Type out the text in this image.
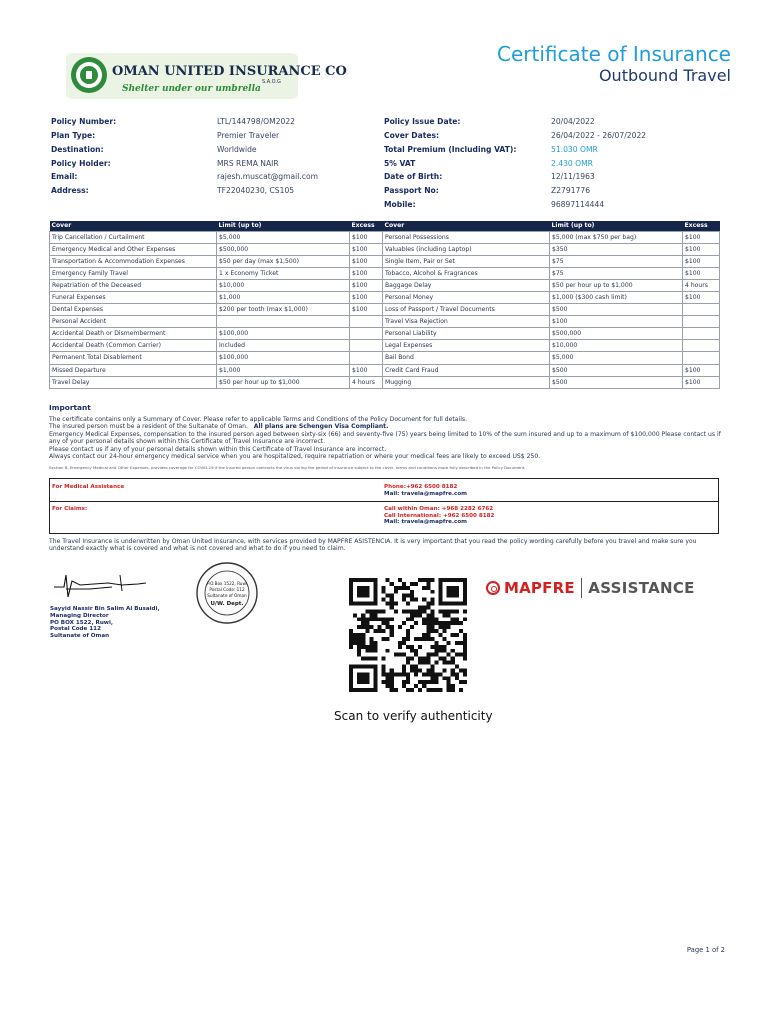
OMAN UNITED INSURANCE CO
S.A.O.G
Shelter under our umbrella
Certificate of Insurance
Outbound Travel
Policy Number:	LTL/144798/OM2022
Plan Type:	Premier Traveler
Destination:	Worldwide
Policy Holder:	MRS REMA NAIR
Email:	rajesh.muscat@gmail.com
Address:	TF22040230, CS105
Policy Issue Date:	20/04/2022
Cover Dates:	26/04/2022 - 26/07/2022
Total Premium (Including VAT):	51.030 OMR
5% VAT	2.430 OMR
Date of Birth:	12/11/1963
Passport No:	Z2791776
Mobile:	96897114444
Cover	Limit (up to)	Excess	Cover	Limit (up to)	Excess
Trip Cancellation / Curtailment	$5,000	$100	Personal Possessions	$5,000 (max $750 per bag)	$100
Emergency Medical and Other Expenses	$500,000	$100	Valuables (including Laptop)	$350	$100
Transportation & Accommodation Expenses	$50 per day (max $1,500)	$100	Single Item, Pair or Set	$75	$100
Emergency Family Travel	1 x Economy Ticket	$100	Tobacco, Alcohol & Fragrances	$75	$100
Repatriation of the Deceased	$10,000	$100	Baggage Delay	$50 per hour up to $1,000	4 hours
Funeral Expenses	$1,000	$100	Personal Money	$1,000 ($300 cash limit)	$100
Dental Expenses	$200 per tooth (max $1,000)	$100	Loss of Passport / Travel Documents	$500	
Personal Accident			Travel Visa Rejection	$100	
Accidental Death or Dismemberment	$100,000		Personal Liability	$500,000	
Accidental Death (Common Carrier)	Included		Legal Expenses	$10,000	
Permanent Total Disablement	$100,000		Bail Bond	$5,000	
Missed Departure	$1,000	$100	Credit Card Fraud	$500	$100
Travel Delay	$50 per hour up to $1,000	4 hours	Mugging	$500	$100
Important
The certificate contains only a Summary of Cover. Please refer to applicable Terms and Conditions of the Policy Document for full details.
The insured person must be a resident of the Sultanate of Oman. All plans are Schengen Visa Compliant.
Emergency Medical Expenses, compensation to the insured person aged between sixty-six (66) and seventy-five (75) years being limited to 10% of the sum insured and up to a maximum of $100,000 Please contact us if any of your personal details shown within this Certificate of Travel Insurance are incorrect.
Please contact us if any of your personal details shown within this Certificate of Travel Insurance are incorrect.
Always contact our 24-hour emergency medical service when you are hospitalized, require repatriation or where your medical fees are likely to exceed US$ 250.
Section B, Emergency Medical and Other Expenses, provides coverage for COVID-19 if the insured person contracts the virus during the period of insurance subject to the cover, terms and conditions more fully described in the Policy Document.
For Medical Assistance	Phone:+962 6500 8182
Mail: travela@mapfre.com
For Claims:	Call within Oman: +968 2282 6762
Call International: +962 6500 8182
Mail: travela@mapfre.com
The Travel Insurance is underwritten by Oman United Insurance, with services provided by MAPFRE ASISTENCIA. It is very important that you read the policy wording carefully before you travel and make sure you understand exactly what is covered and what is not covered and what to do if you need to claim.
Sayyid Nassir Bin Salim Al Busaidi,
Managing Director
PO BOX 1522, Ruwi,
Postal Code 112
Sultanate of Oman
P.O.Box 1522, Ruwi
Postal Code: 112
Sultanate of Oman
U/W. Dept.
Scan to verify authenticity
MAPFRE ASSISTANCE
Page 1 of 2
